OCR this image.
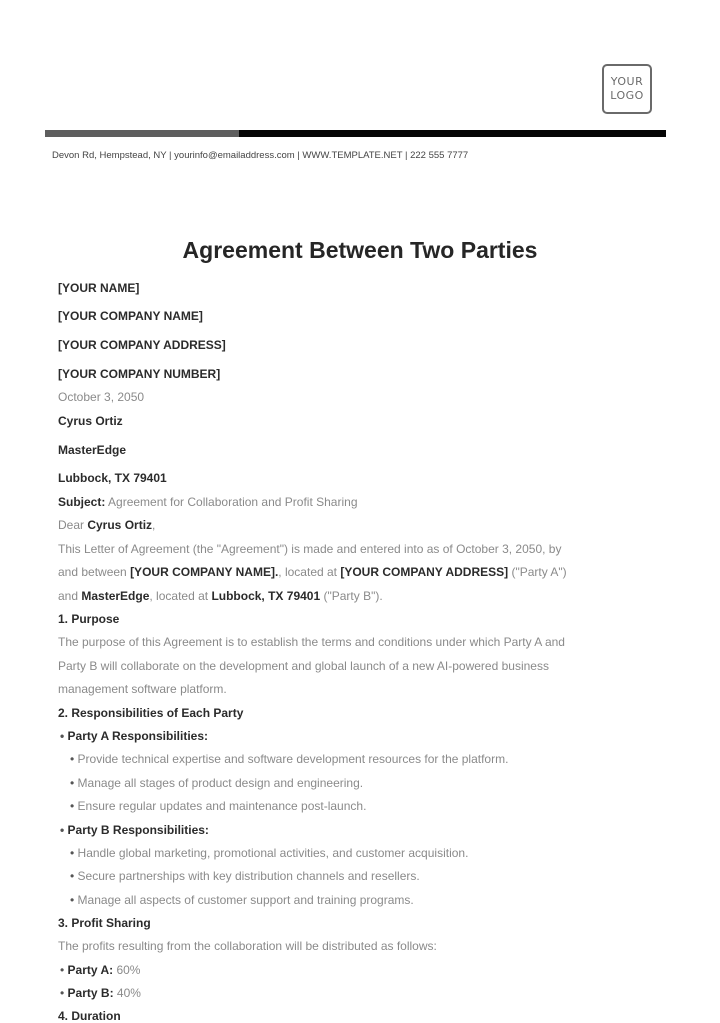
YOUR
LOGO
Devon Rd, Hempstead, NY | yourinfo@emailaddress.com | WWW.TEMPLATE.NET | 222 555 7777
Agreement Between Two Parties
[YOUR NAME]
[YOUR COMPANY NAME]
[YOUR COMPANY ADDRESS]
[YOUR COMPANY NUMBER]
October 3, 2050
Cyrus Ortiz
MasterEdge
Lubbock, TX 79401
Subject: Agreement for Collaboration and Profit Sharing
Dear Cyrus Ortiz,
This Letter of Agreement (the "Agreement") is made and entered into as of October 3, 2050, by
and between [YOUR COMPANY NAME]., located at [YOUR COMPANY ADDRESS] ("Party A")
and MasterEdge, located at Lubbock, TX 79401 ("Party B").
1. Purpose
The purpose of this Agreement is to establish the terms and conditions under which Party A and
Party B will collaborate on the development and global launch of a new AI-powered business
management software platform.
2. Responsibilities of Each Party
• Party A Responsibilities:
• Provide technical expertise and software development resources for the platform.
• Manage all stages of product design and engineering.
• Ensure regular updates and maintenance post-launch.
• Party B Responsibilities:
• Handle global marketing, promotional activities, and customer acquisition.
• Secure partnerships with key distribution channels and resellers.
• Manage all aspects of customer support and training programs.
3. Profit Sharing
The profits resulting from the collaboration will be distributed as follows:
• Party A: 60%
• Party B: 40%
4. Duration
